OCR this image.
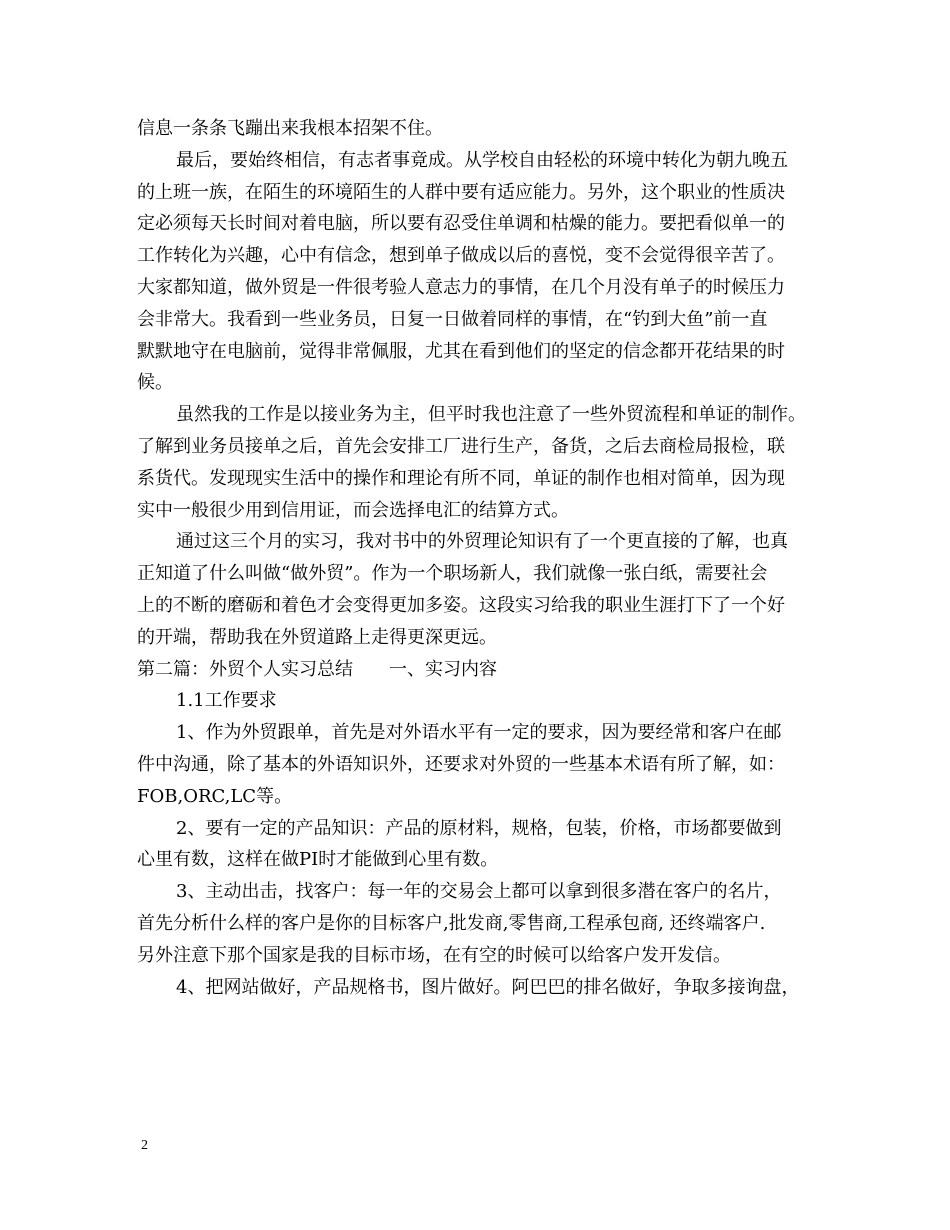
信息一条条飞蹦出来我根本招架不住。
最后，要始终相信，有志者事竟成。从学校自由轻松的环境中转化为朝九晚五
的上班一族，在陌生的环境陌生的人群中要有适应能力。另外，这个职业的性质决
定必须每天长时间对着电脑，所以要有忍受住单调和枯燥的能力。要把看似单一的
工作转化为兴趣，心中有信念，想到单子做成以后的喜悦，变不会觉得很辛苦了。
大家都知道，做外贸是一件很考验人意志力的事情，在几个月没有单子的时候压力
会非常大。我看到一些业务员，日复一日做着同样的事情，在“钓到大鱼”前一直
默默地守在电脑前，觉得非常佩服，尤其在看到他们的坚定的信念都开花结果的时
候。
虽然我的工作是以接业务为主，但平时我也注意了一些外贸流程和单证的制作。
了解到业务员接单之后，首先会安排工厂进行生产，备货，之后去商检局报检，联
系货代。发现现实生活中的操作和理论有所不同，单证的制作也相对简单，因为现
实中一般很少用到信用证，而会选择电汇的结算方式。
通过这三个月的实习，我对书中的外贸理论知识有了一个更直接的了解，也真
正知道了什么叫做“做外贸”。作为一个职场新人，我们就像一张白纸，需要社会
上的不断的磨砺和着色才会变得更加多姿。这段实习给我的职业生涯打下了一个好
的开端，帮助我在外贸道路上走得更深更远。
第二篇：外贸个人实习总结　　一、实习内容
1.1工作要求
1、作为外贸跟单，首先是对外语水平有一定的要求，因为要经常和客户在邮
件中沟通，除了基本的外语知识外，还要求对外贸的一些基本术语有所了解，如：
FOB,ORC,LC等。
2、要有一定的产品知识：产品的原材料，规格，包装，价格，市场都要做到
心里有数，这样在做PI时才能做到心里有数。
3、主动出击，找客户：每一年的交易会上都可以拿到很多潜在客户的名片，
首先分析什么样的客户是你的目标客户,批发商,零售商,工程承包商, 还终端客户.
另外注意下那个国家是我的目标市场，在有空的时候可以给客户发开发信。
4、把网站做好，产品规格书，图片做好。阿巴巴的排名做好，争取多接询盘，
2
